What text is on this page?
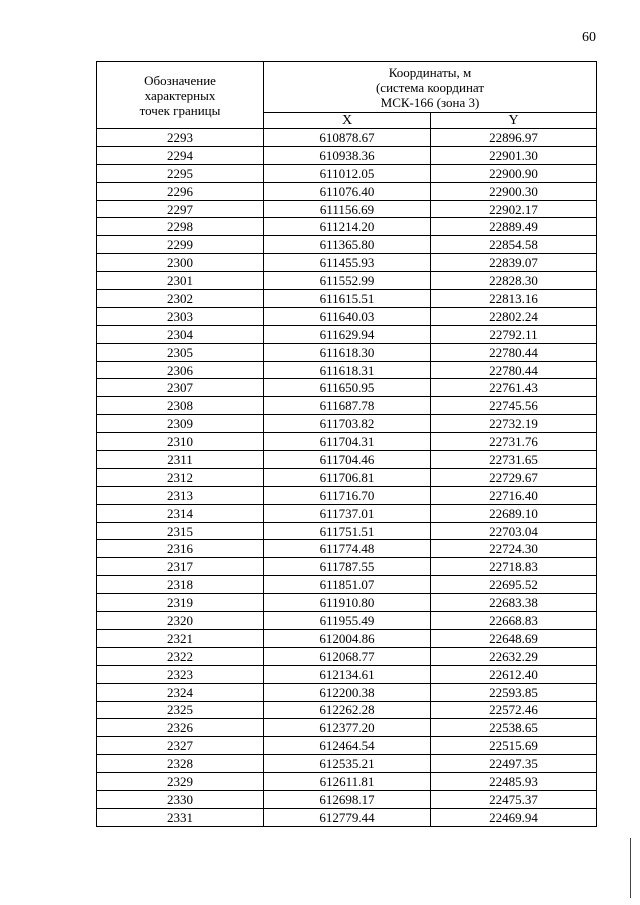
60
Обозначение
характерных
точек границы	Координаты, м
(система координат
МСК-166 (зона 3)	
	X	Y
2293	610878.67	22896.97
2294	610938.36	22901.30
2295	611012.05	22900.90
2296	611076.40	22900.30
2297	611156.69	22902.17
2298	611214.20	22889.49
2299	611365.80	22854.58
2300	611455.93	22839.07
2301	611552.99	22828.30
2302	611615.51	22813.16
2303	611640.03	22802.24
2304	611629.94	22792.11
2305	611618.30	22780.44
2306	611618.31	22780.44
2307	611650.95	22761.43
2308	611687.78	22745.56
2309	611703.82	22732.19
2310	611704.31	22731.76
2311	611704.46	22731.65
2312	611706.81	22729.67
2313	611716.70	22716.40
2314	611737.01	22689.10
2315	611751.51	22703.04
2316	611774.48	22724.30
2317	611787.55	22718.83
2318	611851.07	22695.52
2319	611910.80	22683.38
2320	611955.49	22668.83
2321	612004.86	22648.69
2322	612068.77	22632.29
2323	612134.61	22612.40
2324	612200.38	22593.85
2325	612262.28	22572.46
2326	612377.20	22538.65
2327	612464.54	22515.69
2328	612535.21	22497.35
2329	612611.81	22485.93
2330	612698.17	22475.37
2331	612779.44	22469.94
